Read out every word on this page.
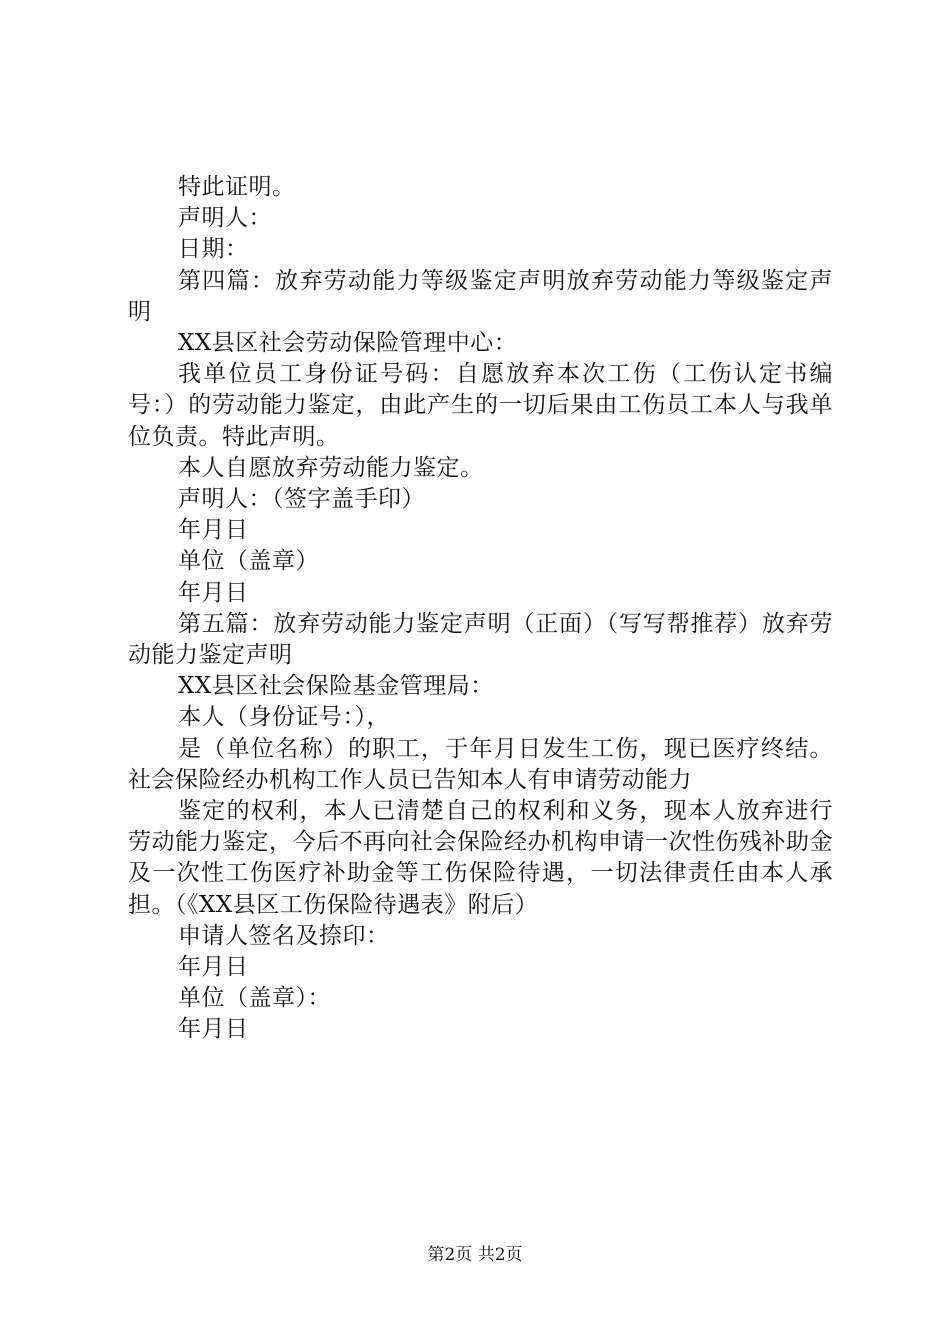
特此证明。

声明人：

日期：

第四篇：放弃劳动能力等级鉴定声明放弃劳动能力等级鉴定声明

XX县区社会劳动保险管理中心：

我单位员工身份证号码：自愿放弃本次工伤（工伤认定书编号：）的劳动能力鉴定，由此产生的一切后果由工伤员工本人与我单位负责。特此声明。

本人自愿放弃劳动能力鉴定。

声明人：（签字盖手印）

年月日

单位（盖章）

年月日

第五篇：放弃劳动能力鉴定声明（正面）（写写帮推荐）放弃劳动能力鉴定声明

XX县区社会保险基金管理局：

本人（身份证号：），

是（单位名称）的职工，于年月日发生工伤，现已医疗终结。社会保险经办机构工作人员已告知本人有申请劳动能力

鉴定的权利，本人已清楚自己的权利和义务，现本人放弃进行劳动能力鉴定，今后不再向社会保险经办机构申请一次性伤残补助金及一次性工伤医疗补助金等工伤保险待遇，一切法律责任由本人承担。（《XX县区工伤保险待遇表》附后）

申请人签名及捺印：

年月日

单位（盖章）：

年月日

第2页 共2页
